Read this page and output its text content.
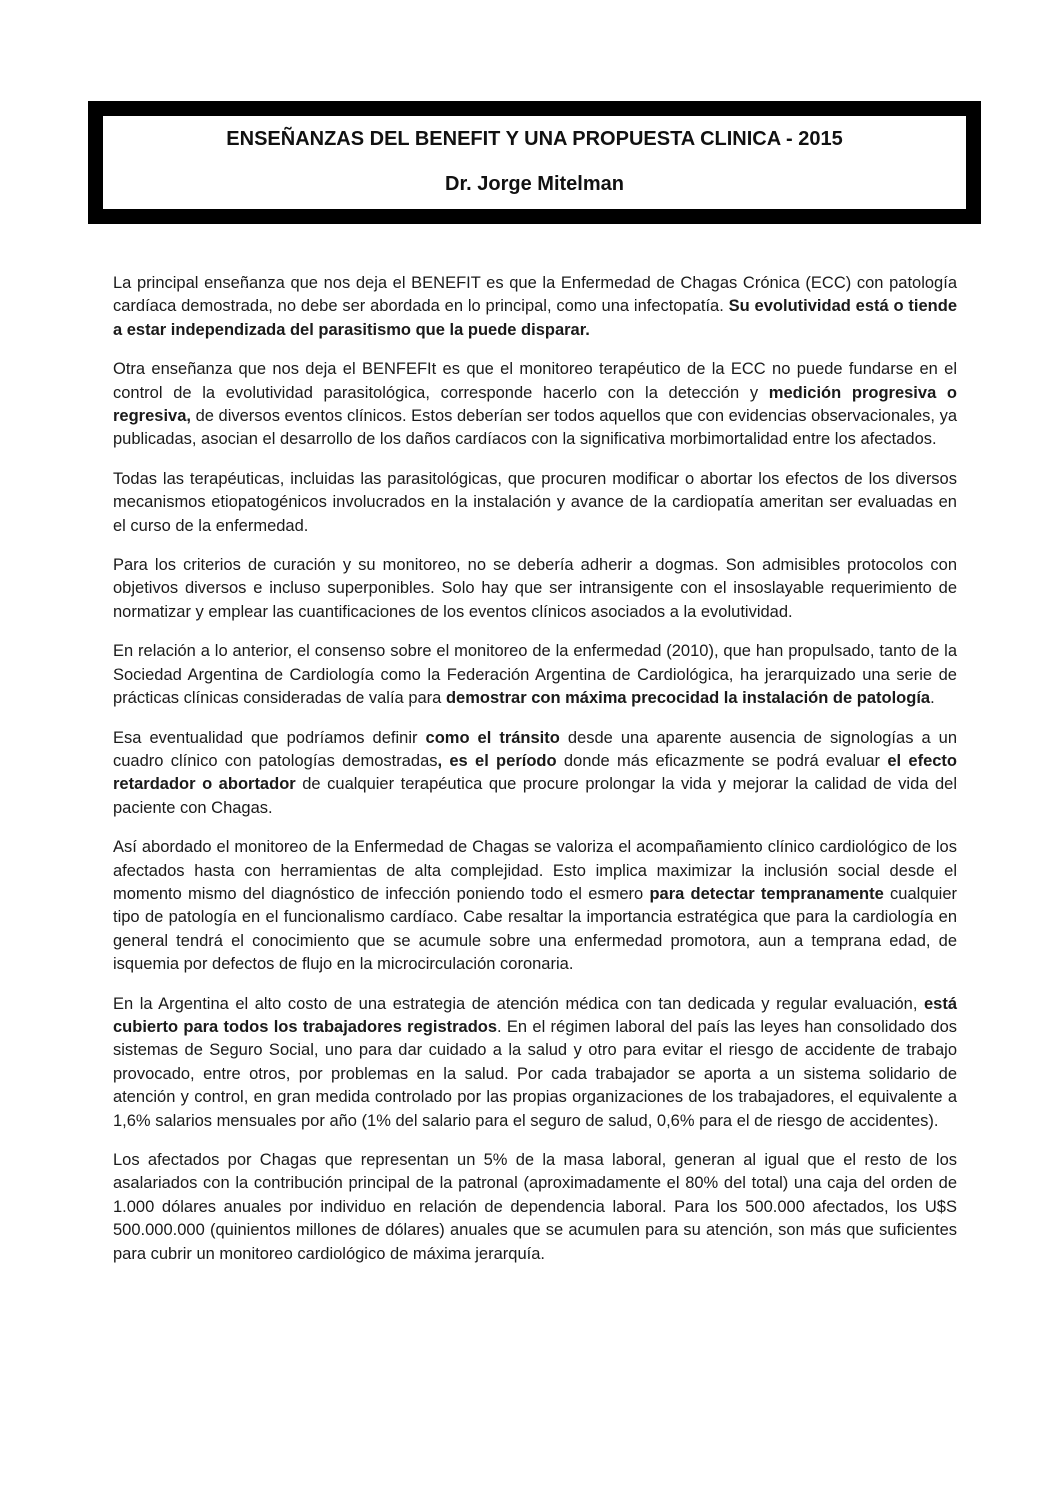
ENSEÑANZAS DEL BENEFIT Y UNA PROPUESTA CLINICA - 2015
Dr. Jorge Mitelman

La principal enseñanza que nos deja el BENEFIT es que la Enfermedad de Chagas Crónica (ECC) con patología cardíaca demostrada, no debe ser abordada en lo principal, como una infectopatía. Su evolutividad está o tiende a estar independizada del parasitismo que la puede disparar.

Otra enseñanza que nos deja el BENFEFIt es que el monitoreo terapéutico de la ECC no puede fundarse en el control de la evolutividad parasitológica, corresponde hacerlo con la detección y medición progresiva o regresiva, de diversos eventos clínicos. Estos deberían ser todos aquellos que con evidencias observacionales, ya publicadas, asocian el desarrollo de los daños cardíacos con la significativa morbimortalidad entre los afectados.

Todas las terapéuticas, incluidas las parasitológicas, que procuren modificar o abortar los efectos de los diversos mecanismos etiopatogénicos involucrados en la instalación y avance de la cardiopatía ameritan ser evaluadas en el curso de la enfermedad.

Para los criterios de curación y su monitoreo, no se debería adherir a dogmas. Son admisibles protocolos con objetivos diversos e incluso superponibles. Solo hay que ser intransigente con el insoslayable requerimiento de normatizar y emplear las cuantificaciones de los eventos clínicos asociados a la evolutividad.

En relación a lo anterior, el consenso sobre el monitoreo de la enfermedad (2010), que han propulsado, tanto de la Sociedad Argentina de Cardiología como la Federación Argentina de Cardiológica, ha jerarquizado una serie de prácticas clínicas consideradas de valía para demostrar con máxima precocidad la instalación de patología.

Esa eventualidad que podríamos definir como el tránsito desde una aparente ausencia de signologías a un cuadro clínico con patologías demostradas, es el período donde más eficazmente se podrá evaluar el efecto retardador o abortador de cualquier terapéutica que procure prolongar la vida y mejorar la calidad de vida del paciente con Chagas.

Así abordado el monitoreo de la Enfermedad de Chagas se valoriza el acompañamiento clínico cardiológico de los afectados hasta con herramientas de alta complejidad. Esto implica maximizar la inclusión social desde el momento mismo del diagnóstico de infección poniendo todo el esmero para detectar tempranamente cualquier tipo de patología en el funcionalismo cardíaco. Cabe resaltar la importancia estratégica que para la cardiología en general tendrá el conocimiento que se acumule sobre una enfermedad promotora, aun a temprana edad, de isquemia por defectos de flujo en la microcirculación coronaria.

En la Argentina el alto costo de una estrategia de atención médica con tan dedicada y regular evaluación, está cubierto para todos los trabajadores registrados. En el régimen laboral del país las leyes han consolidado dos sistemas de Seguro Social, uno para dar cuidado a la salud y otro para evitar el riesgo de accidente de trabajo provocado, entre otros, por problemas en la salud. Por cada trabajador se aporta a un sistema solidario de atención y control, en gran medida controlado por las propias organizaciones de los trabajadores, el equivalente a 1,6% salarios mensuales por año (1% del salario para el seguro de salud, 0,6% para el de riesgo de accidentes).

Los afectados por Chagas que representan un 5% de la masa laboral, generan al igual que el resto de los asalariados con la contribución principal de la patronal (aproximadamente el 80% del total) una caja del orden de 1.000 dólares anuales por individuo en relación de dependencia laboral. Para los 500.000 afectados, los U$S 500.000.000 (quinientos millones de dólares) anuales que se acumulen para su atención, son más que suficientes para cubrir un monitoreo cardiológico de máxima jerarquía.
